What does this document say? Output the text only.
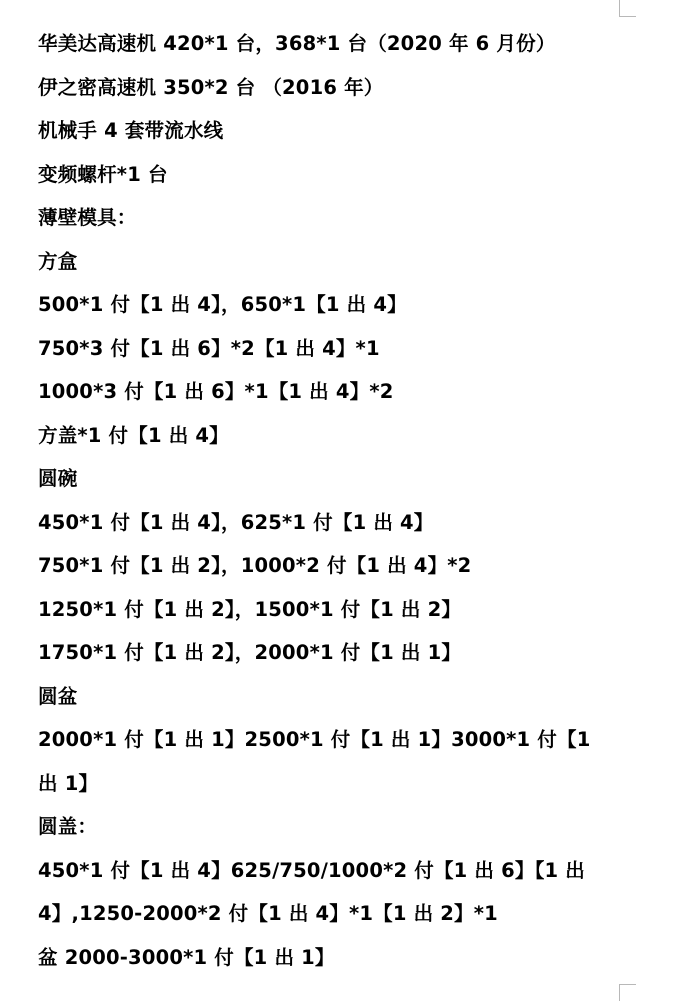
华美达高速机 420*1 台，368*1 台（2020 年 6 月份）
伊之密高速机 350*2 台 （2016 年）
机械手 4 套带流水线
变频螺杆*1 台
薄壁模具：
方盒
500*1 付【1 出 4】，650*1【1 出 4】
750*3 付【1 出 6】*2【1 出 4】*1
1000*3 付【1 出 6】*1【1 出 4】*2
方盖*1 付【1 出 4】
圆碗
450*1 付【1 出 4】，625*1 付【1 出 4】
750*1 付【1 出 2】，1000*2 付【1 出 4】*2
1250*1 付【1 出 2】，1500*1 付【1 出 2】
1750*1 付【1 出 2】，2000*1 付【1 出 1】
圆盆
2000*1 付【1 出 1】2500*1 付【1 出 1】3000*1 付【1
出 1】
圆盖：
450*1 付【1 出 4】625/750/1000*2 付【1 出 6】【1 出
4】,1250-2000*2 付【1 出 4】*1【1 出 2】*1
盆 2000-3000*1 付【1 出 1】
